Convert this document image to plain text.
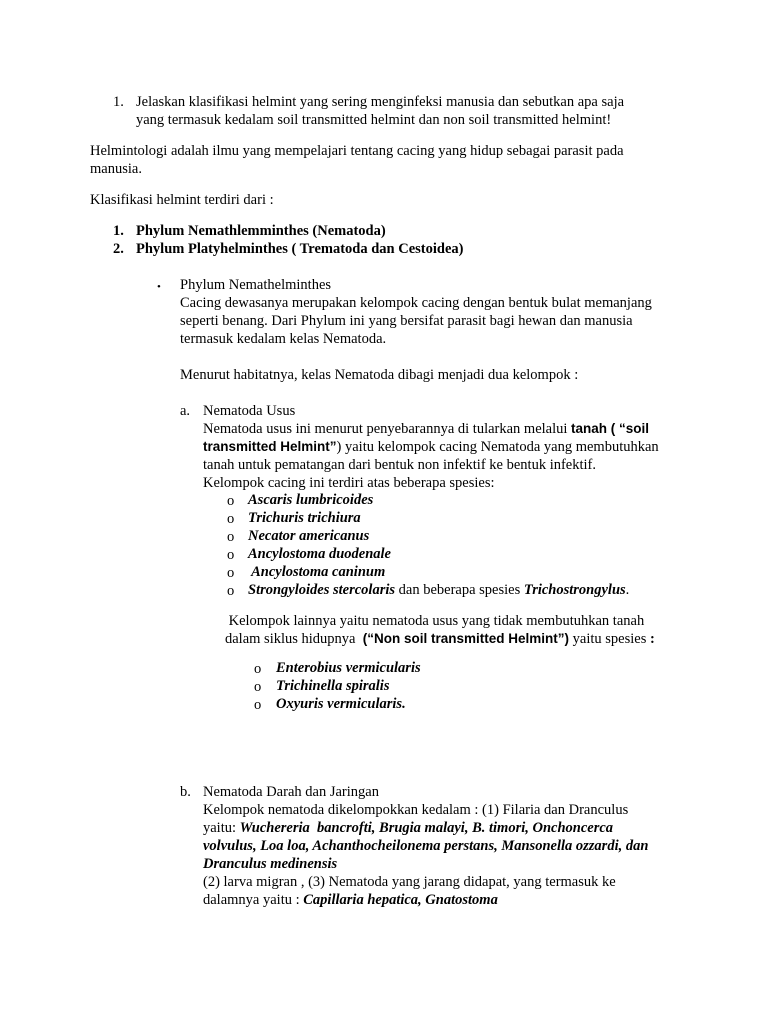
1. Jelaskan klasifikasi helmint yang sering menginfeksi manusia dan sebutkan apa saja
yang termasuk kedalam soil transmitted helmint dan non soil transmitted helmint!
Helmintologi adalah ilmu yang mempelajari tentang cacing yang hidup sebagai parasit pada
manusia.
Klasifikasi helmint terdiri dari :
1. Phylum Nemathlemminthes (Nematoda)
2. Phylum Platyhelminthes ( Trematoda dan Cestoidea)
• Phylum Nemathelminthes
Cacing dewasanya merupakan kelompok cacing dengan bentuk bulat memanjang
seperti benang. Dari Phylum ini yang bersifat parasit bagi hewan dan manusia
termasuk kedalam kelas Nematoda.
Menurut habitatnya, kelas Nematoda dibagi menjadi dua kelompok :
a. Nematoda Usus
Nematoda usus ini menurut penyebarannya di tularkan melalui tanah ( “soil
transmitted Helmint”) yaitu kelompok cacing Nematoda yang membutuhkan
tanah untuk pematangan dari bentuk non infektif ke bentuk infektif.
Kelompok cacing ini terdiri atas beberapa spesies:
o Ascaris lumbricoides
o Trichuris trichiura
o Necator americanus
o Ancylostoma duodenale
o Ancylostoma caninum
o Strongyloides stercolaris dan beberapa spesies Trichostrongylus.
Kelompok lainnya yaitu nematoda usus yang tidak membutuhkan tanah
dalam siklus hidupnya  (“Non soil transmitted Helmint”) yaitu spesies :
o Enterobius vermicularis
o Trichinella spiralis
o Oxyuris vermicularis.
b. Nematoda Darah dan Jaringan
Kelompok nematoda dikelompokkan kedalam : (1) Filaria dan Dranculus
yaitu: Wuchereria  bancrofti, Brugia malayi, B. timori, Onchoncerca
volvulus, Loa loa, Achanthocheilonema perstans, Mansonella ozzardi, dan
Dranculus medinensis
(2) larva migran , (3) Nematoda yang jarang didapat, yang termasuk ke
dalamnya yaitu : Capillaria hepatica, Gnatostoma
